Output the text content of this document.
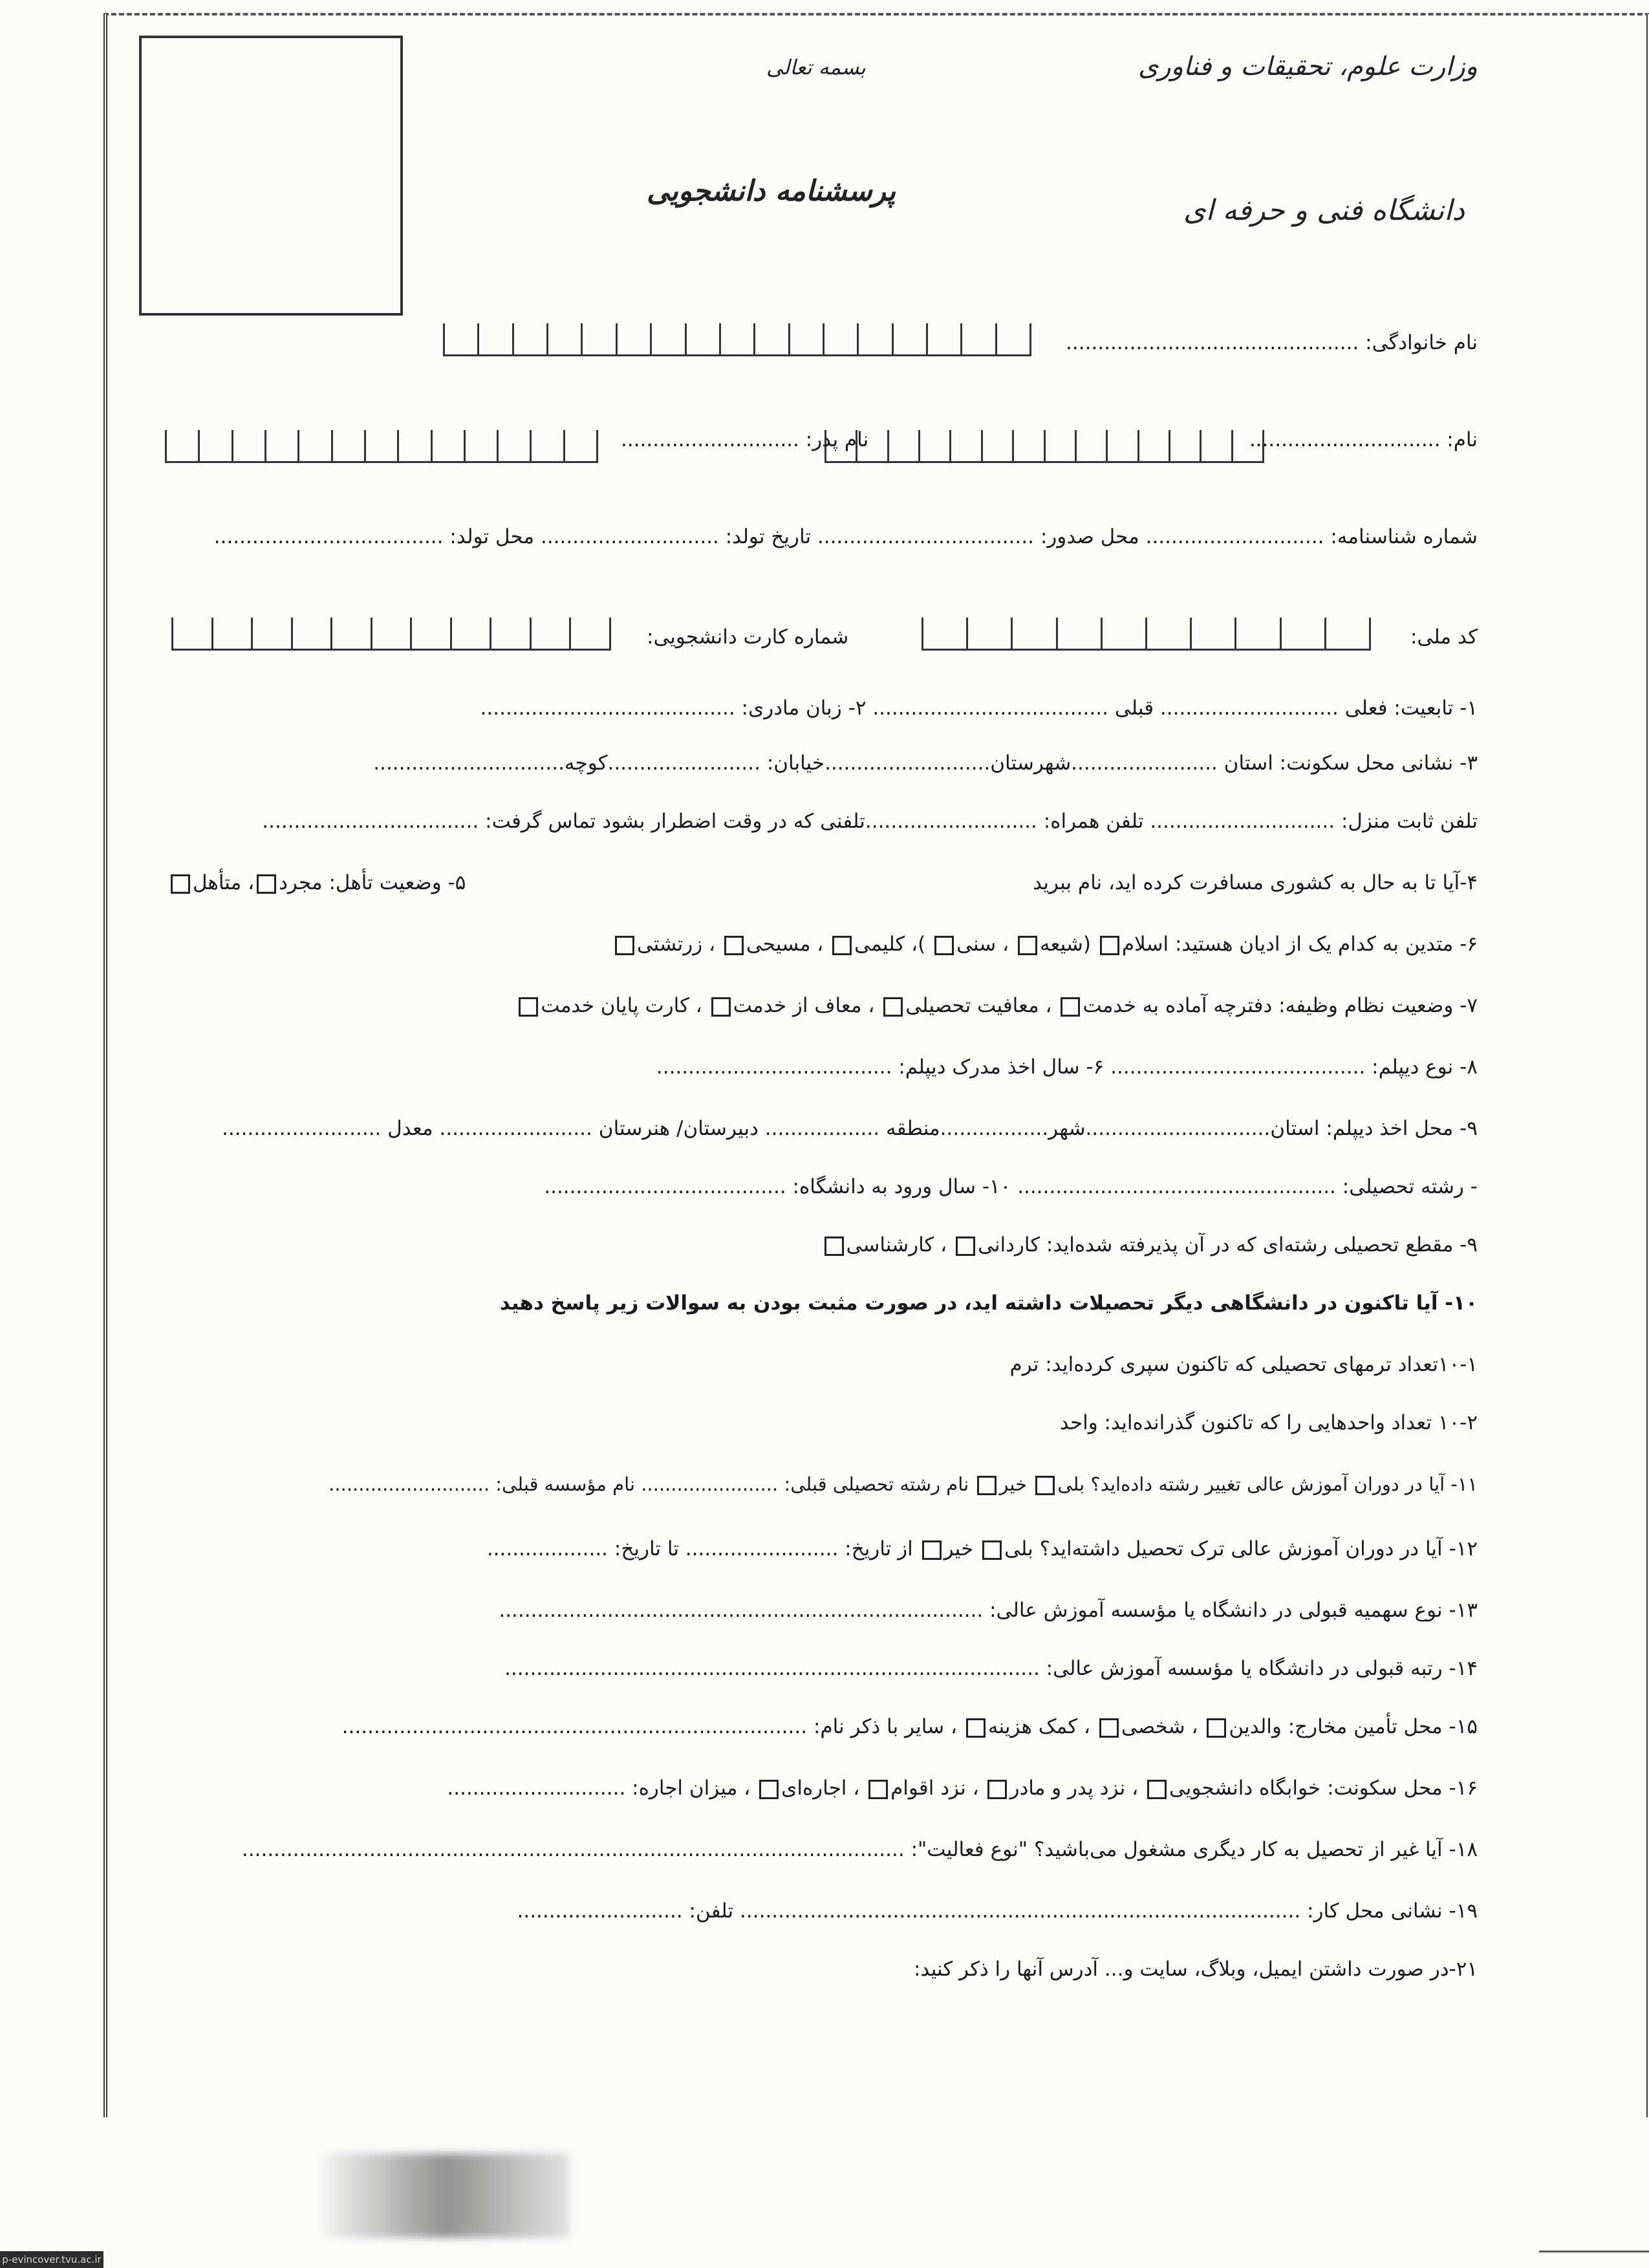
بسمه تعالی	وزارت علوم، تحقیقات و فناوری
پرسشنامه دانشجویی
دانشگاه فنی و حرفه ای
نام خانوادگی: ..............................................
نام: ..............................
نام پدر: ............................
شماره شناسنامه: ............................ محل صدور: .................................. تاریخ تولد: ............................ محل تولد: ....................................
کد ملی:
شماره کارت دانشجویی:
۱- تابعیت: فعلی ............................ قبلی ..................................... ۲- زبان مادری: ........................................
۳- نشانی محل سکونت: استان .......................شهرستان..........................خیابان: ........................کوچه..............................
تلفن ثابت منزل: ............................. تلفن همراه: ...........................تلفنی که در وقت اضطرار بشود تماس گرفت: ..................................
۴-آیا تا به حال به کشوری مسافرت کرده اید، نام ببرید
۵- وضعیت تأهل: مجرد، متأهل
۶- متدین به کدام یک از ادیان هستید: اسلام (شیعه ، سنی )، کلیمی ، مسیحی ، زرتشتی
۷- وضعیت نظام وظیفه: دفترچه آماده به خدمت ، معافیت تحصیلی ، معاف از خدمت ، کارت پایان خدمت
۸- نوع دیپلم: ........................................ ۶- سال اخذ مدرک دیپلم: .....................................
۹- محل اخذ دیپلم: استان.............................شهر.................منطقه .................. دبیرستان/ هنرستان ........................ معدل .........................
- رشته تحصیلی: .................................................. ۱۰- سال ورود به دانشگاه: ......................................
۹- مقطع تحصیلی رشته‌ای که در آن پذیرفته شده‌اید: کاردانی ، کارشناسی
۱۰- آیا تاکنون در دانشگاهی دیگر تحصیلات داشته اید، در صورت مثبت بودن به سوالات زیر پاسخ دهید
۱۰-۱تعداد ترمهای تحصیلی که تاکنون سپری کرده‌اید: ترم
۱۰-۲ تعداد واحدهایی را که تاکنون گذرانده‌اید: واحد
۱۱- آیا در دوران آموزش عالی تغییر رشته داده‌اید؟ بلی خیر نام رشته تحصیلی قبلی: ....................... نام مؤسسه قبلی: ...........................
۱۲- آیا در دوران آموزش عالی ترک تحصیل داشته‌اید؟ بلی خیر از تاریخ: ........................ تا تاریخ: ...................
۱۳- نوع سهمیه قبولی در دانشگاه یا مؤسسه آموزش عالی: ............................................................................
۱۴- رتبه قبولی در دانشگاه یا مؤسسه آموزش عالی: ....................................................................................
۱۵- محل تأمین مخارج: والدین ، شخصی ، کمک هزینه ، سایر با ذکر نام: .........................................................................
۱۶- محل سکونت: خوابگاه دانشجویی ، نزد پدر و مادر ، نزد اقوام ، اجاره‌ای ، میزان اجاره: ............................
۱۸- آیا غیر از تحصیل به کار دیگری مشغول می‌باشید؟ "نوع فعالیت": ........................................................................................................
۱۹- نشانی محل کار: ........................................................................................ تلفن: ..........................
۲۱-در صورت داشتن ایمیل، وبلاگ، سایت و... آدرس آنها را ذکر کنید:
p-evincover.tvu.ac.ir
